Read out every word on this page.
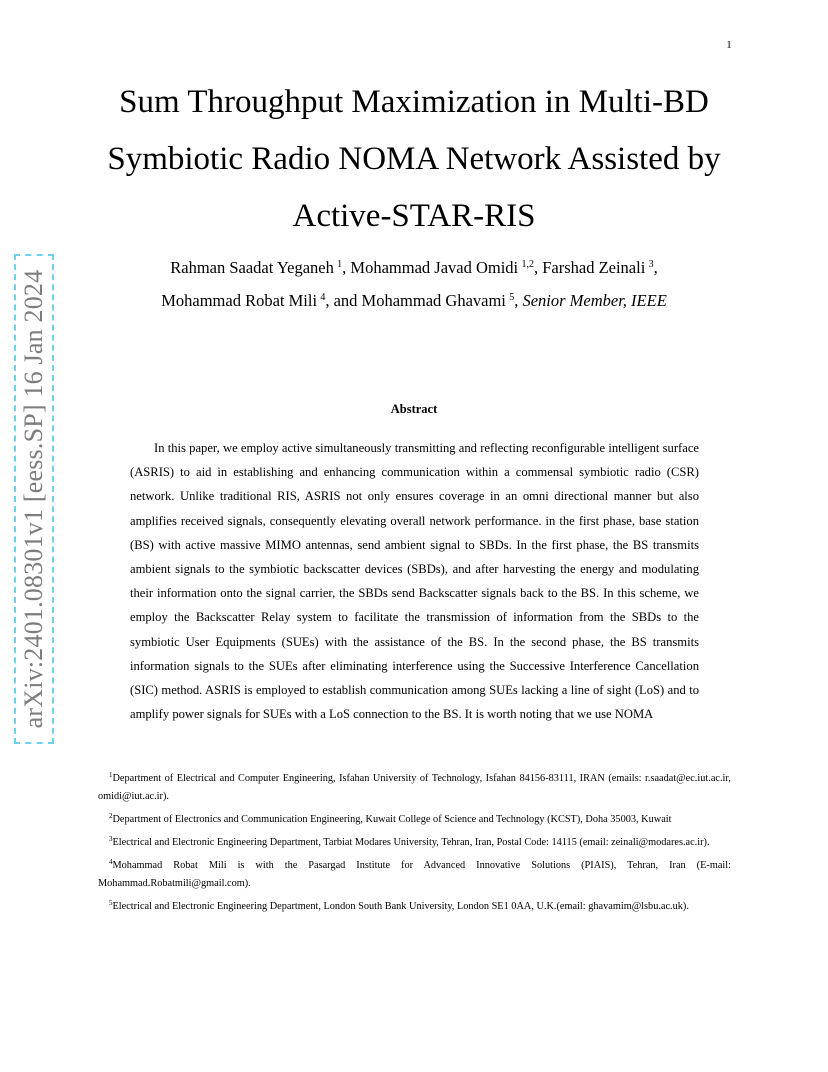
1
Sum Throughput Maximization in Multi-BD
Symbiotic Radio NOMA Network Assisted by
Active-STAR-RIS
Rahman Saadat Yeganeh  $^1$, Mohammad Javad Omidi  $^{1,2}$, Farshad Zeinali  $^3$,
Mohammad Robat Mili  $^4$, and Mohammad Ghavami  $^5$, Senior Member, IEEE
arXiv:2401.08301v1 [eess.SP] 16 Jan 2024	Abstract

In this paper, we employ active simultaneously transmitting and reflecting reconfigurable intelligent surface (ASRIS) to aid in establishing and enhancing communication within a commensal symbiotic radio (CSR) network. Unlike traditional RIS, ASRIS not only ensures coverage in an omni directional manner but also amplifies received signals, consequently elevating overall network performance. in the first phase, base station (BS) with active massive MIMO antennas, send ambient signal to SBDs. In the first phase, the BS transmits ambient signals to the symbiotic backscatter devices (SBDs), and after harvesting the energy and modulating their information onto the signal carrier, the SBDs send Backscatter signals back to the BS. In this scheme, we employ the Backscatter Relay system to facilitate the transmission of information from the SBDs to the symbiotic User Equipments (SUEs) with the assistance of the BS. In the second phase, the BS transmits information signals to the SUEs after eliminating interference using the Successive Interference Cancellation (SIC) method. ASRIS is employed to establish communication among SUEs lacking a line of sight (LoS) and to amplify power signals for SUEs with a LoS connection to the BS. It is worth noting that we use NOMA

$^1$Department of Electrical and Computer Engineering, Isfahan University of Technology, Isfahan 84156-83111, IRAN (emails: r.saadat@ec.iut.ac.ir, omidi@iut.ac.ir).
$^2$Department of Electronics and Communication Engineering, Kuwait College of Science and Technology (KCST), Doha 35003, Kuwait
$^3$Electrical and Electronic Engineering Department, Tarbiat Modares University, Tehran, Iran, Postal Code: 14115 (email: zeinali@modares.ac.ir).
$^4$Mohammad Robat Mili is with the Pasargad Institute for Advanced Innovative Solutions (PIAIS), Tehran, Iran (E-mail: Mohammad.Robatmili@gmail.com).
$^5$Electrical and Electronic Engineering Department, London South Bank University, London SE1 0AA, U.K.(email: ghavamim@lsbu.ac.uk).
